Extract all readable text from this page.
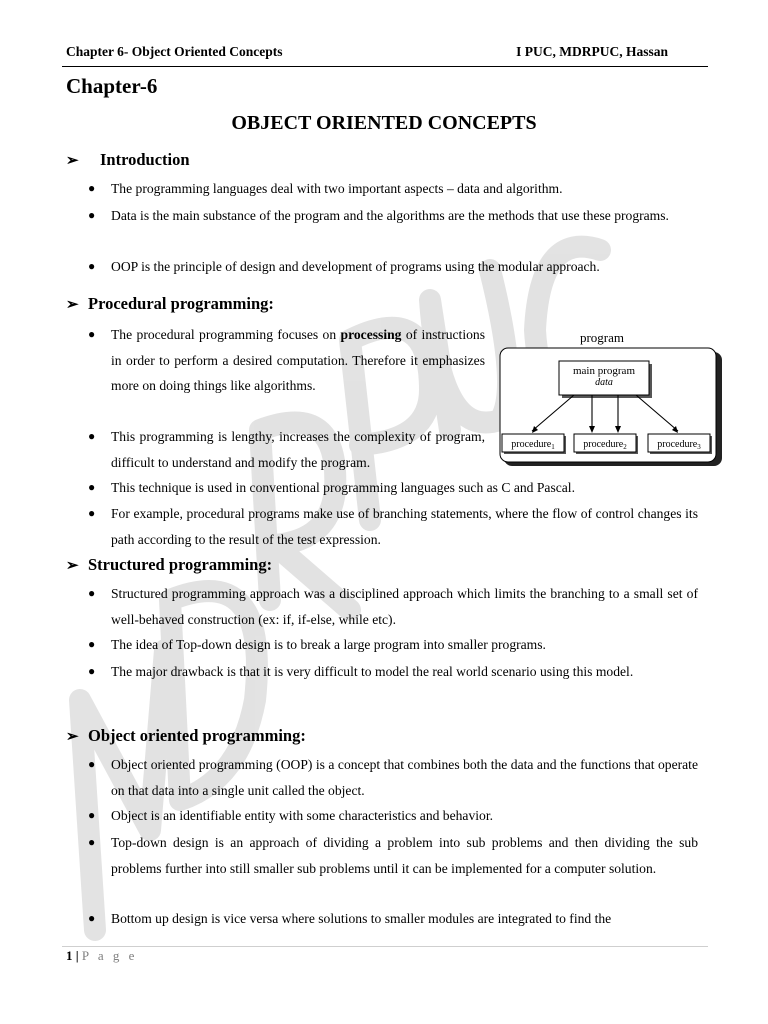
Chapter 6- Object Oriented Concepts	I PUC, MDRPUC, Hassan
Chapter-6
OBJECT ORIENTED CONCEPTS
➢	Introduction
● The programming languages deal with two important aspects – data and algorithm.
● Data is the main substance of the program and the algorithms are the methods that use these programs.
● OOP is the principle of design and development of programs using the modular approach.
➢ Procedural programming:
● The procedural programming focuses on processing of instructions in order to perform a desired computation. Therefore it emphasizes more on doing things like algorithms.
● This programming is lengthy, increases the complexity of program, difficult to understand and modify the program.
● This technique is used in conventional programming languages such as C and Pascal.
● For example, procedural programs make use of branching statements, where the flow of control changes its path according to the result of the test expression.
program
main program
data
procedure$_1$	procedure$_2$	procedure$_3$
➢ Structured programming:
● Structured programming approach was a disciplined approach which limits the branching to a small set of well-behaved construction (ex: if, if-else, while etc).
● The idea of Top-down design is to break a large program into smaller programs.
● The major drawback is that it is very difficult to model the real world scenario using this model.
➢ Object oriented programming:
● Object oriented programming (OOP) is a concept that combines both the data and the functions that operate on that data into a single unit called the object.
● Object is an identifiable entity with some characteristics and behavior.
● Top-down design is an approach of dividing a problem into sub problems and then dividing the sub problems further into still smaller sub problems until it can be implemented for a computer solution.
● Bottom up design is vice versa where solutions to smaller modules are integrated to find the
1 | P a g e
